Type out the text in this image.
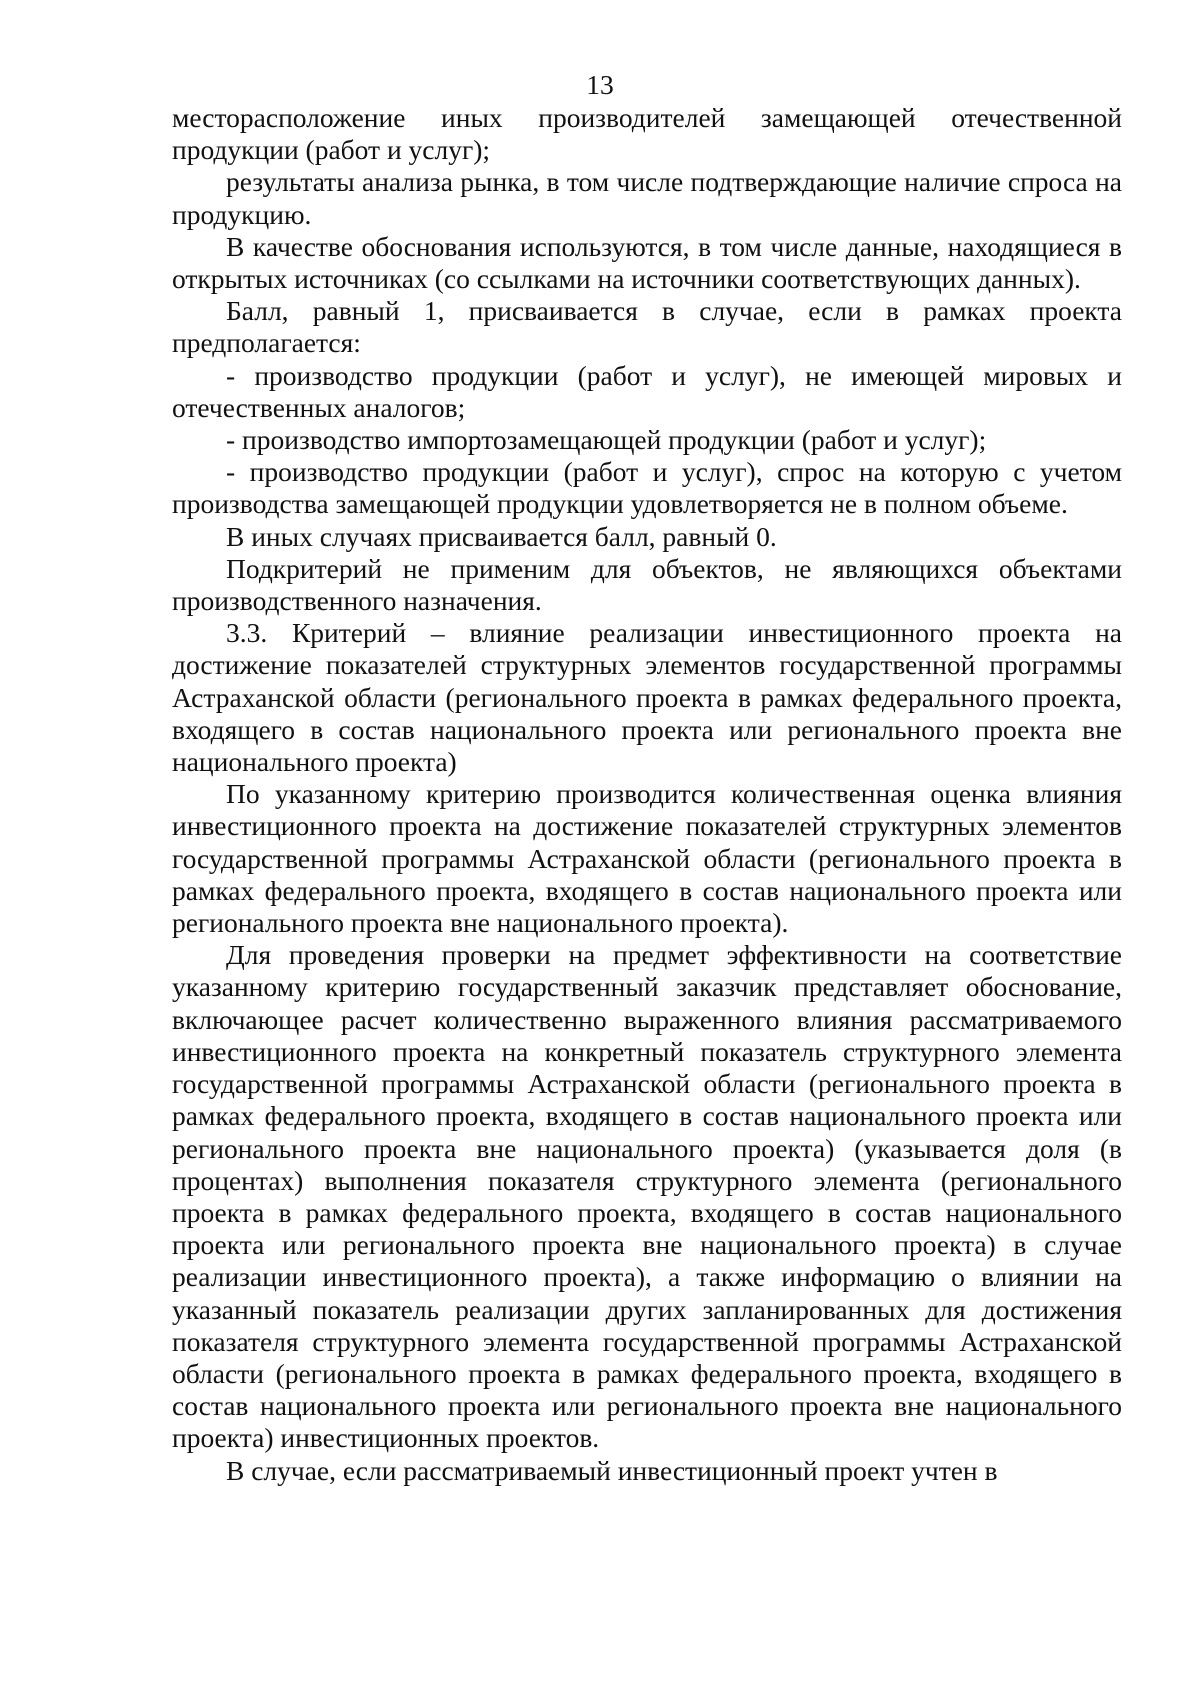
13

месторасположение иных производителей замещающей отечественной продукции (работ и услуг);

результаты анализа рынка, в том числе подтверждающие наличие спроса на продукцию.

В качестве обоснования используются, в том числе данные, находящиеся в открытых источниках (со ссылками на источники соответствующих данных).

Балл, равный 1, присваивается в случае, если в рамках проекта предполагается:

- производство продукции (работ и услуг), не имеющей мировых и отечественных аналогов;

- производство импортозамещающей продукции (работ и услуг);

- производство продукции (работ и услуг), спрос на которую с учетом производства замещающей продукции удовлетворяется не в полном объеме.

В иных случаях присваивается балл, равный 0.

Подкритерий не применим для объектов, не являющихся объектами производственного назначения.

3.3. Критерий – влияние реализации инвестиционного проекта на достижение показателей структурных элементов государственной программы Астраханской области (регионального проекта в рамках федерального проекта, входящего в состав национального проекта или регионального проекта вне национального проекта)

По указанному критерию производится количественная оценка влияния инвестиционного проекта на достижение показателей структурных элементов государственной программы Астраханской области (регионального проекта в рамках федерального проекта, входящего в состав национального проекта или регионального проекта вне национального проекта).

Для проведения проверки на предмет эффективности на соответствие указанному критерию государственный заказчик представляет обоснование, включающее расчет количественно выраженного влияния рассматриваемого инвестиционного проекта на конкретный показатель структурного элемента государственной программы Астраханской области (регионального проекта в рамках федерального проекта, входящего в состав национального проекта или регионального проекта вне национального проекта) (указывается доля (в процентах) выполнения показателя структурного элемента (регионального проекта в рамках федерального проекта, входящего в состав национального проекта или регионального проекта вне национального проекта) в случае реализации инвестиционного проекта), а также информацию о влиянии на указанный показатель реализации других запланированных для достижения показателя структурного элемента государственной программы Астраханской области (регионального проекта в рамках федерального проекта, входящего в состав национального проекта или регионального проекта вне национального проекта) инвестиционных проектов.

В случае, если рассматриваемый инвестиционный проект учтен в
